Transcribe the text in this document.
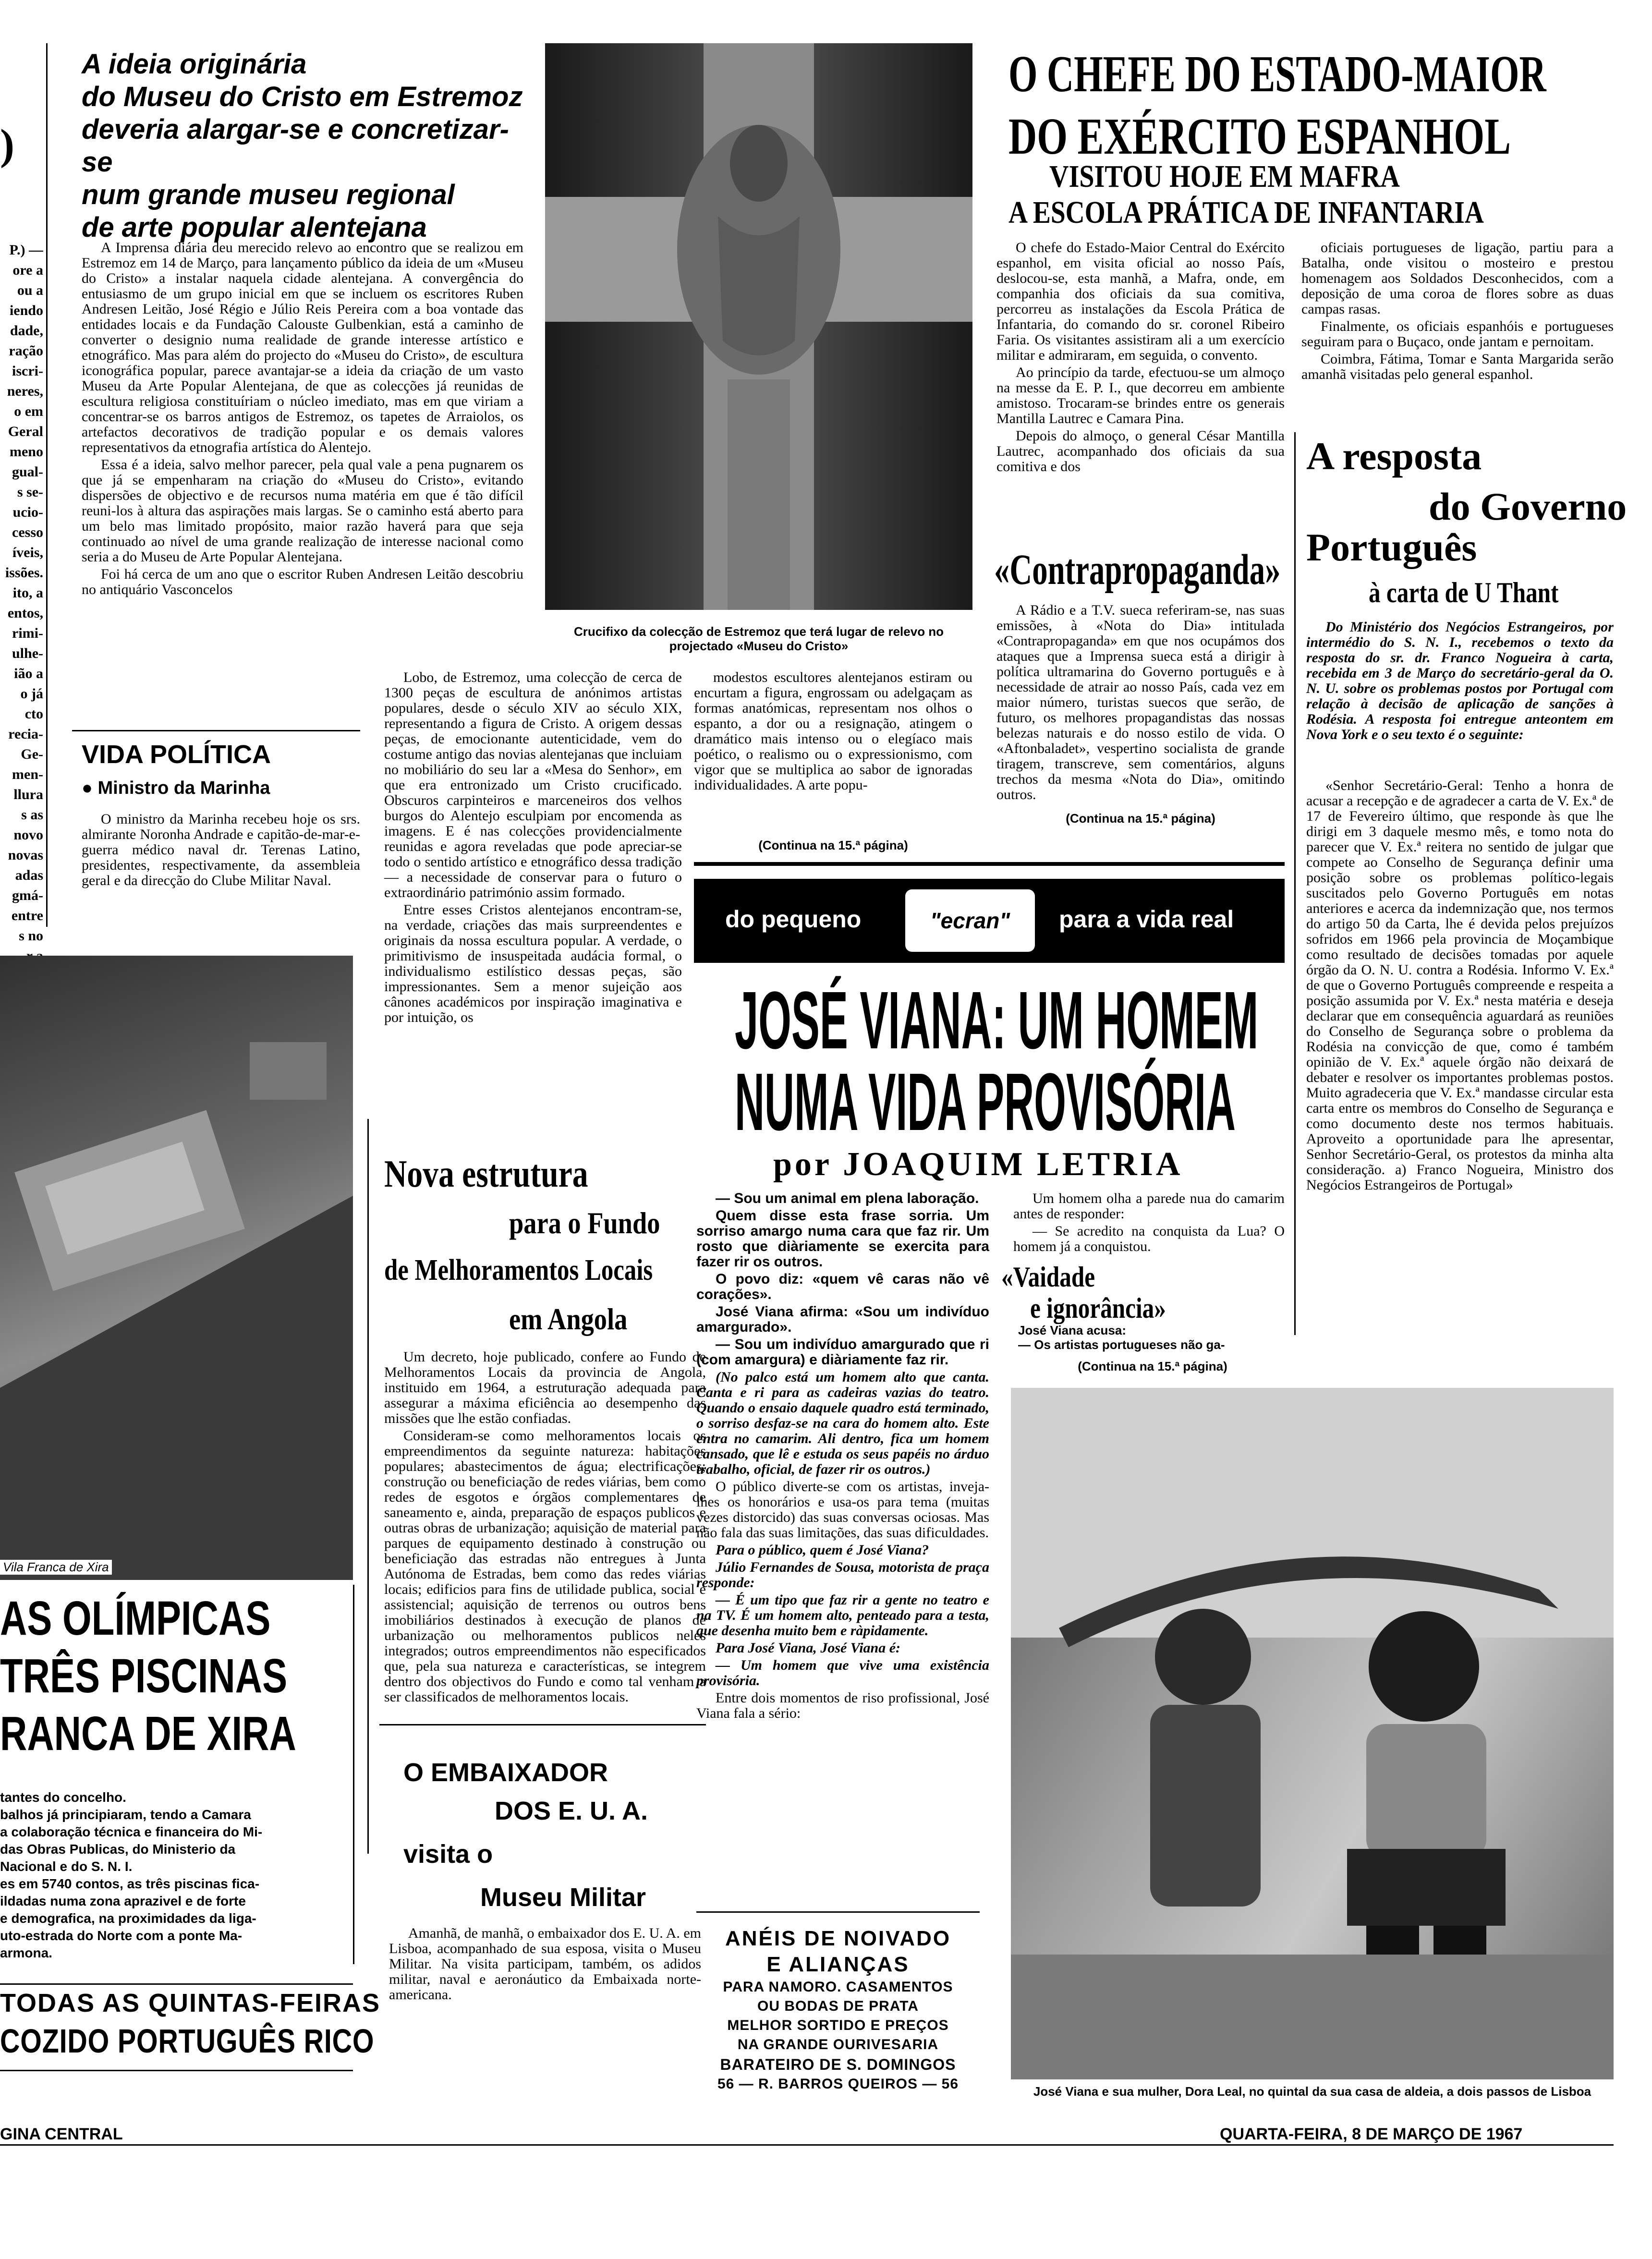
P.) —
ore a
ou a
iendo
dade,
ração
iscri-
neres,
o em
Geral
meno
gual-
s se-
ucio-
cesso
íveis,
issões.
ito, a
entos,
rimi-
ulhe-
ião a
o já
cto
recia-
Ge-
men-
llura
s as
novo
novas
adas
gmá-
entre
s no
)
A ideia originária
do Museu do Cristo em Estremoz
deveria alargar-se e concretizar-se
num grande museu regional
de arte popular alentejana

A Imprensa diária deu merecido relevo ao encontro que se realizou em Estremoz em 14 de Março, para lançamento público da ideia de um «Museu do Cristo» a instalar naquela cidade alentejana. A convergência do entusiasmo de um grupo inicial em que se incluem os escritores Ruben Andresen Leitão, José Régio e Júlio Reis Pereira com a boa vontade das entidades locais e da Fundação Calouste Gulbenkian, está a caminho de converter o designio numa realidade de grande interesse artístico e etnográfico. Mas para além do projecto do «Museu do Cristo», de escultura iconográfica popular, parece avantajar-se a ideia da criação de um vasto Museu da Arte Popular Alentejana, de que as colecções já reunidas de escultura religiosa constituíriam o núcleo imediato, mas em que viriam a concentrar-se os barros antigos de Estremoz, os tapetes de Arraiolos, os artefactos decorativos de tradição popular e os demais valores representativos da etnografia artística do Alentejo.

Essa é a ideia, salvo melhor parecer, pela qual vale a pena pugnarem os que já se empenharam na criação do «Museu do Cristo», evitando dispersões de objectivo e de recursos numa matéria em que é tão difícil reuni-los à altura das aspirações mais largas. Se o caminho está aberto para um belo mas limitado propósito, maior razão haverá para que seja continuado ao nível de uma grande realização de interesse nacional como seria a do Museu de Arte Popular Alentejana.

Foi há cerca de um ano que o escritor Ruben Andresen Leitão descobriu no antiquário Vasconcelos

Crucifixo da colecção de Estremoz que terá lugar de relevo no projectado «Museu do Cristo»

Lobo, de Estremoz, uma colecção de cerca de 1300 peças de escultura de anónimos artistas populares, desde o século XIV ao século XIX, representando a figura de Cristo. A origem dessas peças, de emocionante autenticidade, vem do costume antigo das novias alentejanas que incluiam no mobiliário do seu lar a «Mesa do Senhor», em que era entronizado um Cristo crucificado. Obscuros carpinteiros e marceneiros dos velhos burgos do Alentejo esculpiam por encomenda as imagens. E é nas colecções providencialmente reunidas e agora reveladas que pode apreciar-se todo o sentido artístico e etnográfico dessa tradição — a necessidade de conservar para o futuro o extraordinário património assim formado.

Entre esses Cristos alentejanos encontram-se, na verdade, criações das mais surpreendentes e originais da nossa escultura popular. A verdade, o primitivismo de insuspeitada audácia formal, o individualismo estilístico dessas peças, são impressionantes. Sem a menor sujeição aos cânones académicos por inspiração imaginativa e por intuição, os

modestos escultores alentejanos estiram ou encurtam a figura, engrossam ou adelgaçam as formas anatómicas, representam nos olhos o espanto, a dor ou a resignação, atingem o dramático mais intenso ou o elegíaco mais poético, o realismo ou o expressionismo, com vigor que se multiplica ao sabor de ignoradas individualidades. A arte popu-

(Continua na 15.ª página)
VIDA POLÍTICA
● Ministro da Marinha

O ministro da Marinha recebeu hoje os srs. almirante Noronha Andrade e capitão-de-mar-e-guerra médico naval dr. Terenas Latino, presidentes, respectivamente, da assembleia geral e da direcção do Clube Militar Naval.

Vila Franca de Xira
AS OLÍMPICAS
TRÊS PISCINAS
RANCA DE XIRA
tantes do concelho.
balhos já principiaram, tendo a Camara
a colaboração técnica e financeira do Mi-
das Obras Publicas, do Ministerio da
Nacional e do S. N. I.
es em 5740 contos, as três piscinas fica-
ildadas numa zona aprazivel e de forte
e demografica, na proximidades da liga-
uto-estrada do Norte com a ponte Ma-
armona.
TODAS AS QUINTAS-FEIRAS
COZIDO PORTUGUÊS RICO
Nova estrutura
para o Fundo
de Melhoramentos Locais
em Angola

Um decreto, hoje publicado, confere ao Fundo de Melhoramentos Locais da provincia de Angola, instituido em 1964, a estruturação adequada para assegurar a máxima eficiência ao desempenho das missões que lhe estão confiadas.

Consideram-se como melhoramentos locais os empreendimentos da seguinte natureza: habitações populares; abastecimentos de água; electrificações; construção ou beneficiação de redes viárias, bem como redes de esgotos e órgãos complementares de saneamento e, ainda, preparação de espaços publicos e outras obras de urbanização; aquisição de material para parques de equipamento destinado à construção ou beneficiação das estradas não entregues à Junta Autónoma de Estradas, bem como das redes viárias locais; edificios para fins de utilidade publica, social e assistencial; aquisição de terrenos ou outros bens imobiliários destinados à execução de planos de urbanização ou melhoramentos publicos neles integrados; outros empreendimentos não especificados que, pela sua natureza e características, se integrem dentro dos objectivos do Fundo e como tal venham a ser classificados de melhoramentos locais.

O EMBAIXADOR
DOS E. U. A.
visita o
Museu Militar

Amanhã, de manhã, o embaixador dos E. U. A. em Lisboa, acompanhado de sua esposa, visita o Museu Militar. Na visita participam, também, os adidos militar, naval e aeronáutico da Embaixada norte-americana.

O CHEFE DO ESTADO-MAIOR
DO EXÉRCITO ESPANHOL
VISITOU HOJE EM MAFRA
A ESCOLA PRÁTICA DE INFANTARIA

O chefe do Estado-Maior Central do Exército espanhol, em visita oficial ao nosso País, deslocou-se, esta manhã, a Mafra, onde, em companhia dos oficiais da sua comitiva, percorreu as instalações da Escola Prática de Infantaria, do comando do sr. coronel Ribeiro Faria. Os visitantes assistiram ali a um exercício militar e admiraram, em seguida, o convento.

Ao princípio da tarde, efectuou-se um almoço na messe da E. P. I., que decorreu em ambiente amistoso. Trocaram-se brindes entre os generais Mantilla Lautrec e Camara Pina.

Depois do almoço, o general César Mantilla Lautrec, acompanhado dos oficiais da sua comitiva e dos

oficiais portugueses de ligação, partiu para a Batalha, onde visitou o mosteiro e prestou homenagem aos Soldados Desconhecidos, com a deposição de uma coroa de flores sobre as duas campas rasas.

Finalmente, os oficiais espanhóis e portugueses seguiram para o Buçaco, onde jantam e pernoitam.

Coimbra, Fátima, Tomar e Santa Margarida serão amanhã visitadas pelo general espanhol.

«Contrapropaganda»

A Rádio e a T.V. sueca referiram-se, nas suas emissões, à «Nota do Dia» intitulada «Contrapropaganda» em que nos ocupámos dos ataques que a Imprensa sueca está a dirigir à política ultramarina do Governo português e à necessidade de atrair ao nosso País, cada vez em maior número, turistas suecos que serão, de futuro, os melhores propagandistas das nossas belezas naturais e do nosso estilo de vida. O «Aftonbaladet», vespertino socialista de grande tiragem, transcreve, sem comentários, alguns trechos da mesma «Nota do Dia», omitindo outros.

(Continua na 15.ª página)
A resposta
do Governo
Português
à carta de U Thant

Do Ministério dos Negócios Estrangeiros, por intermédio do S. N. I., recebemos o texto da resposta do sr. dr. Franco Nogueira à carta, recebida em 3 de Março do secretário-geral da O. N. U. sobre os problemas postos por Portugal com relação à decisão de aplicação de sanções à Rodésia. A resposta foi entregue anteontem em Nova York e o seu texto é o seguinte:

«Senhor Secretário-Geral: Tenho a honra de acusar a recepção e de agradecer a carta de V. Ex.ª de 17 de Fevereiro último, que responde às que lhe dirigi em 3 daquele mesmo mês, e tomo nota do parecer que V. Ex.ª reitera no sentido de julgar que compete ao Conselho de Segurança definir uma posição sobre os problemas político-legais suscitados pelo Governo Português em notas anteriores e acerca da indemnização que, nos termos do artigo 50 da Carta, lhe é devida pelos prejuízos sofridos em 1966 pela provincia de Moçambique como resultado de decisões tomadas por aquele órgão da O. N. U. contra a Rodésia. Informo V. Ex.ª de que o Governo Português compreende e respeita a posição assumida por V. Ex.ª nesta matéria e deseja declarar que em consequência aguardará as reuniões do Conselho de Segurança sobre o problema da Rodésia na convicção de que, como é também opinião de V. Ex.ª aquele órgão não deixará de debater e resolver os importantes problemas postos. Muito agradeceria que V. Ex.ª mandasse circular esta carta entre os membros do Conselho de Segurança e como documento deste nos termos habituais. Aproveito a oportunidade para lhe apresentar, Senhor Secretário-Geral, os protestos da minha alta consideração. a) Franco Nogueira, Ministro dos Negócios Estrangeiros de Portugal»

do pequeno	"ecran"	para a vida real
JOSÉ VIANA: UM HOMEM
NUMA VIDA PROVISÓRIA
por JOAQUIM LETRIA

— Sou um animal em plena laboração.

Quem disse esta frase sorria. Um sorriso amargo numa cara que faz rir. Um rosto que diàriamente se exercita para fazer rir os outros.

O povo diz: «quem vê caras não vê corações».

José Viana afirma: «Sou um indivíduo amargurado».

— Sou um indivíduo amargurado que ri (com amargura) e diàriamente faz rir.

(No palco está um homem alto que canta. Canta e ri para as cadeiras vazias do teatro. Quando o ensaio daquele quadro está terminado, o sorriso desfaz-se na cara do homem alto. Este entra no camarim. Ali dentro, fica um homem cansado, que lê e estuda os seus papéis no árduo trabalho, oficial, de fazer rir os outros.)

O público diverte-se com os artistas, inveja-lhes os honorários e usa-os para tema (muitas vezes distorcido) das suas conversas ociosas. Mas não fala das suas limitações, das suas dificuldades.

Para o público, quem é José Viana?

Júlio Fernandes de Sousa, motorista de praça responde:

— É um tipo que faz rir a gente no teatro e na TV. É um homem alto, penteado para a testa, que desenha muito bem e ràpidamente.

Para José Viana, José Viana é:

— Um homem que vive uma existência provisória.

Entre dois momentos de riso profissional, José Viana fala a sério:

Um homem olha a parede nua do camarim antes de responder:

— Se acredito na conquista da Lua? O homem já a conquistou.

«Vaidade
e ignorância»
José Viana acusa:
— Os artistas portugueses não ga-
(Continua na 15.ª página)
ANÉIS DE NOIVADO
E ALIANÇAS
PARA NAMORO. CASAMENTOS
OU BODAS DE PRATA
MELHOR SORTIDO E PREÇOS
NA GRANDE OURIVESARIA
BARATEIRO DE S. DOMINGOS
56 — R. BARROS QUEIROS — 56	José Viana e sua mulher, Dora Leal, no quintal da sua casa de aldeia, a dois passos de Lisboa
GINA CENTRAL	QUARTA-FEIRA, 8 DE MARÇO DE 1967
